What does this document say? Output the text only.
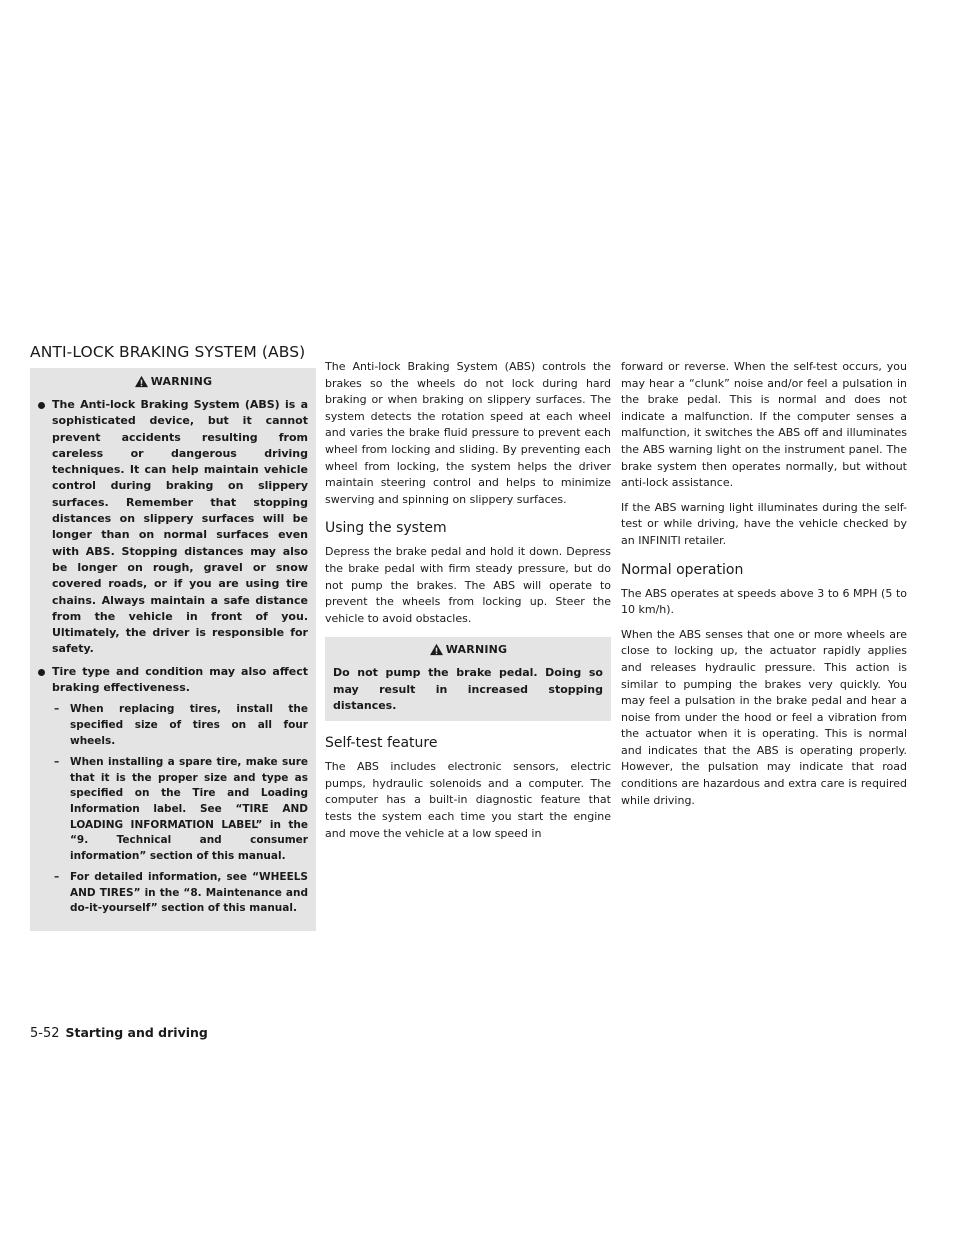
ANTI-LOCK BRAKING SYSTEM (ABS)
WARNING
The Anti-lock Braking System (ABS) is a sophisticated device, but it cannot prevent accidents resulting from careless or dangerous driving techniques. It can help maintain vehicle control during braking on slippery surfaces. Remember that stopping distances on slippery surfaces will be longer than on normal surfaces even with ABS. Stopping distances may also be longer on rough, gravel or snow covered roads, or if you are using tire chains. Always maintain a safe distance from the vehicle in front of you. Ultimately, the driver is responsible for safety.
Tire type and condition may also affect braking effectiveness.
– When replacing tires, install the specified size of tires on all four wheels.
– When installing a spare tire, make sure that it is the proper size and type as specified on the Tire and Loading Information label. See “TIRE AND LOADING INFORMATION LABEL” in the “9. Technical and consumer information” section of this manual.
– For detailed information, see “WHEELS AND TIRES” in the “8. Maintenance and do-it-yourself” section of this manual.

The Anti-lock Braking System (ABS) controls the brakes so the wheels do not lock during hard braking or when braking on slippery surfaces. The system detects the rotation speed at each wheel and varies the brake fluid pressure to prevent each wheel from locking and sliding. By preventing each wheel from locking, the system helps the driver maintain steering control and helps to minimize swerving and spinning on slippery surfaces.

Using the system

Depress the brake pedal and hold it down. Depress the brake pedal with firm steady pressure, but do not pump the brakes. The ABS will operate to prevent the wheels from locking up. Steer the vehicle to avoid obstacles.

WARNING
Do not pump the brake pedal. Doing so may result in increased stopping distances.
Self-test feature

The ABS includes electronic sensors, electric pumps, hydraulic solenoids and a computer. The computer has a built-in diagnostic feature that tests the system each time you start the engine and move the vehicle at a low speed in

forward or reverse. When the self-test occurs, you may hear a “clunk” noise and/or feel a pulsation in the brake pedal. This is normal and does not indicate a malfunction. If the computer senses a malfunction, it switches the ABS off and illuminates the ABS warning light on the instrument panel. The brake system then operates normally, but without anti-lock assistance.

If the ABS warning light illuminates during the self-test or while driving, have the vehicle checked by an INFINITI retailer.

Normal operation

The ABS operates at speeds above 3 to 6 MPH (5 to 10 km/h).

When the ABS senses that one or more wheels are close to locking up, the actuator rapidly applies and releases hydraulic pressure. This action is similar to pumping the brakes very quickly. You may feel a pulsation in the brake pedal and hear a noise from under the hood or feel a vibration from the actuator when it is operating. This is normal and indicates that the ABS is operating properly. However, the pulsation may indicate that road conditions are hazardous and extra care is required while driving.

5-52 Starting and driving
